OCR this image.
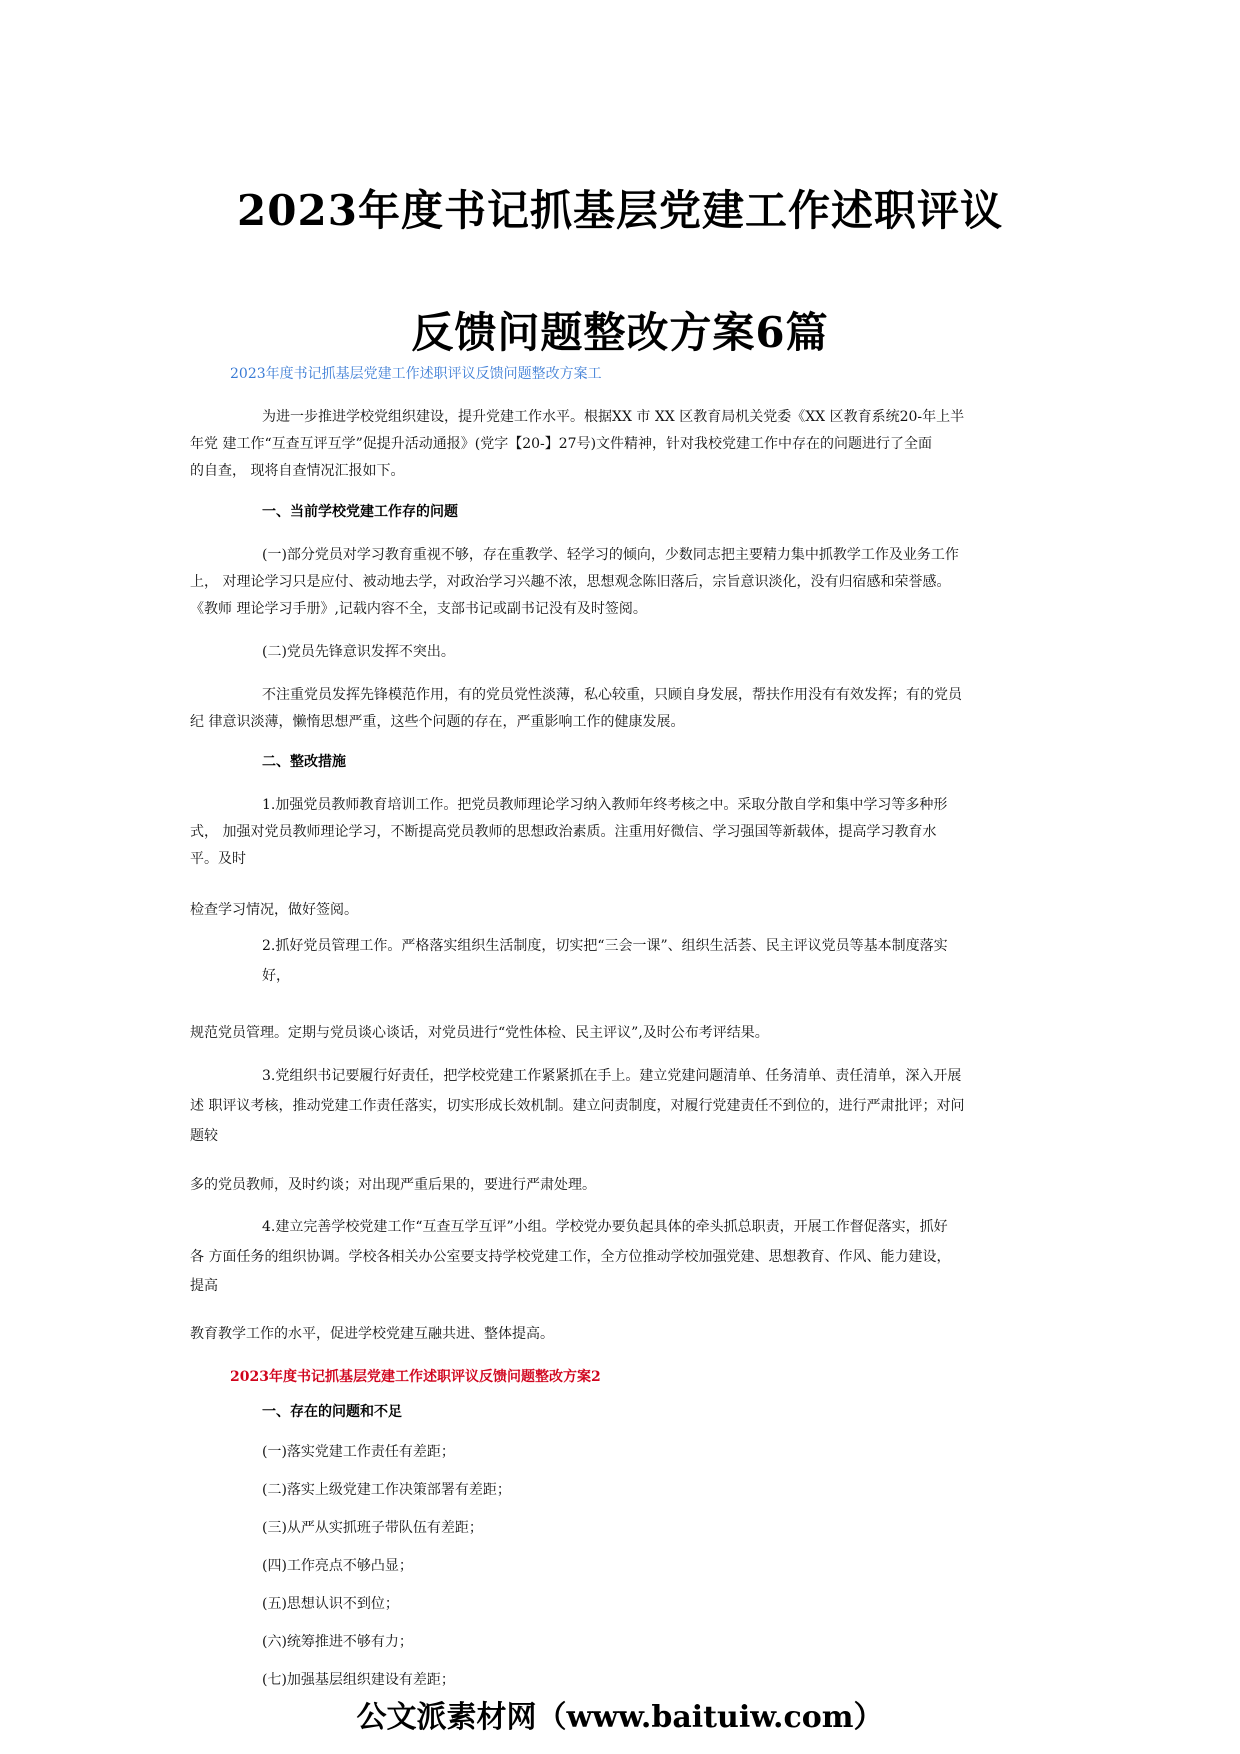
2023年度书记抓基层党建工作述职评议
反馈问题整改方案6篇
2023年度书记抓基层党建工作述职评议反馈问题整改方案工
为进一步推进学校党组织建设，提升党建工作水平。根据XX 市 XX 区教育局机关党委《XX 区教育系统20-年上半
年党 建工作“互查互评互学”促提升活动通报》(党字【20-】27号)文件精神，针对我校党建工作中存在的问题进行了全面
的自查， 现将自查情况汇报如下。
一、当前学校党建工作存的问题
(一)部分党员对学习教育重视不够，存在重教学、轻学习的倾向，少数同志把主要精力集中抓教学工作及业务工作
上， 对理论学习只是应付、被动地去学，对政治学习兴趣不浓，思想观念陈旧落后，宗旨意识淡化，没有归宿感和荣誉感。
《教师 理论学习手册》,记载内容不全，支部书记或副书记没有及时签阅。
(二)党员先锋意识发挥不突出。
不注重党员发挥先锋模范作用，有的党员党性淡薄，私心较重，只顾自身发展，帮扶作用没有有效发挥；有的党员
纪 律意识淡薄，懒惰思想严重，这些个问题的存在，严重影响工作的健康发展。
二、整改措施
1.加强党员教师教育培训工作。把党员教师理论学习纳入教师年终考核之中。采取分散自学和集中学习等多种形
式， 加强对党员教师理论学习，不断提高党员教师的思想政治素质。注重用好微信、学习强国等新载体，提高学习教育水
平。及时
检查学习情况，做好签阅。
2.抓好党员管理工作。严格落实组织生活制度，切实把“三会一课”、组织生活荟、民主评议党员等基本制度落实
好，
规范党员管理。定期与党员谈心谈话，对党员进行“党性体检、民主评议”,及时公布考评结果。
3.党组织书记要履行好责任，把学校党建工作紧紧抓在手上。建立党建问题清单、任务清单、责任清单，深入开展
述 职评议考核，推动党建工作责任落实，切实形成长效机制。建立问责制度，对履行党建责任不到位的，进行严肃批评；对问
题较
多的党员教师，及时约谈；对出现严重后果的，要进行严肃处理。
4.建立完善学校党建工作“互查互学互评”小组。学校党办要负起具体的牵头抓总职责，开展工作督促落实，抓好
各 方面任务的组织协调。学校各相关办公室要支持学校党建工作，全方位推动学校加强党建、思想教育、作风、能力建设，
提高
教育教学工作的水平，促进学校党建互融共进、整体提高。
2023年度书记抓基层党建工作述职评议反馈问题整改方案2
一、存在的问题和不足
(一)落实党建工作责任有差距；
(二)落实上级党建工作决策部署有差距；
(三)从严从实抓班子带队伍有差距；
(四)工作亮点不够凸显；
(五)思想认识不到位；
(六)统筹推进不够有力；
(七)加强基层组织建设有差距；
公文派素材网（www.baituiw.com）
